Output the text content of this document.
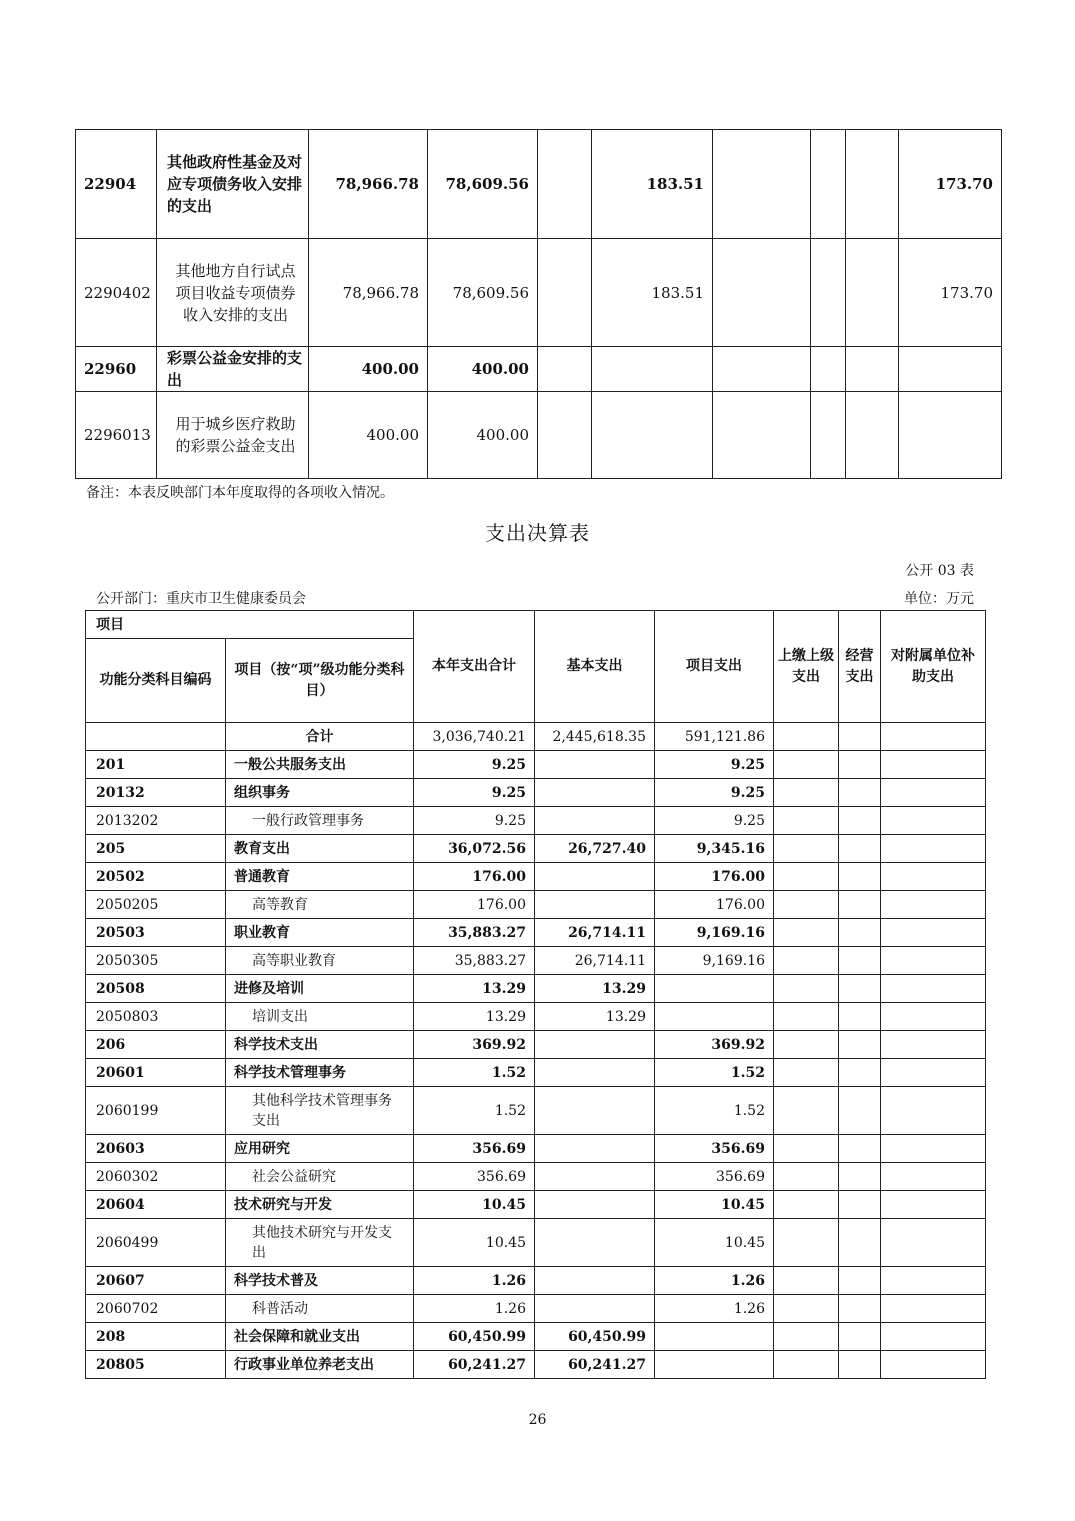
22904	其他政府性基金及对应专项债务收入安排的支出	78,966.78	78,609.56		183.51				173.70
2290402	其他地方自行试点项目收益专项债券收入安排的支出	78,966.78	78,609.56		183.51				173.70
22960	彩票公益金安排的支出	400.00	400.00						
2296013	用于城乡医疗救助的彩票公益金支出	400.00	400.00						
备注：本表反映部门本年度取得的各项收入情况。
支出决算表
公开 03 表
公开部门：重庆市卫生健康委员会	单位：万元
项目		本年支出合计	基本支出	项目支出	上缴上级支出	经营支出	对附属单位补助支出
功能分类科目编码	项目（按“项”级功能分类科目）						
	合计	3,036,740.21	2,445,618.35	591,121.86			
201	一般公共服务支出	9.25		9.25			
20132	组织事务	9.25		9.25			
2013202	一般行政管理事务	9.25		9.25			
205	教育支出	36,072.56	26,727.40	9,345.16			
20502	普通教育	176.00		176.00			
2050205	高等教育	176.00		176.00			
20503	职业教育	35,883.27	26,714.11	9,169.16			
2050305	高等职业教育	35,883.27	26,714.11	9,169.16			
20508	进修及培训	13.29	13.29				
2050803	培训支出	13.29	13.29				
206	科学技术支出	369.92		369.92			
20601	科学技术管理事务	1.52		1.52			
2060199	其他科学技术管理事务支出	1.52		1.52			
20603	应用研究	356.69		356.69			
2060302	社会公益研究	356.69		356.69			
20604	技术研究与开发	10.45		10.45			
2060499	其他技术研究与开发支出	10.45		10.45			
20607	科学技术普及	1.26		1.26			
2060702	科普活动	1.26		1.26			
208	社会保障和就业支出	60,450.99	60,450.99				
20805	行政事业单位养老支出	60,241.27	60,241.27				
26
